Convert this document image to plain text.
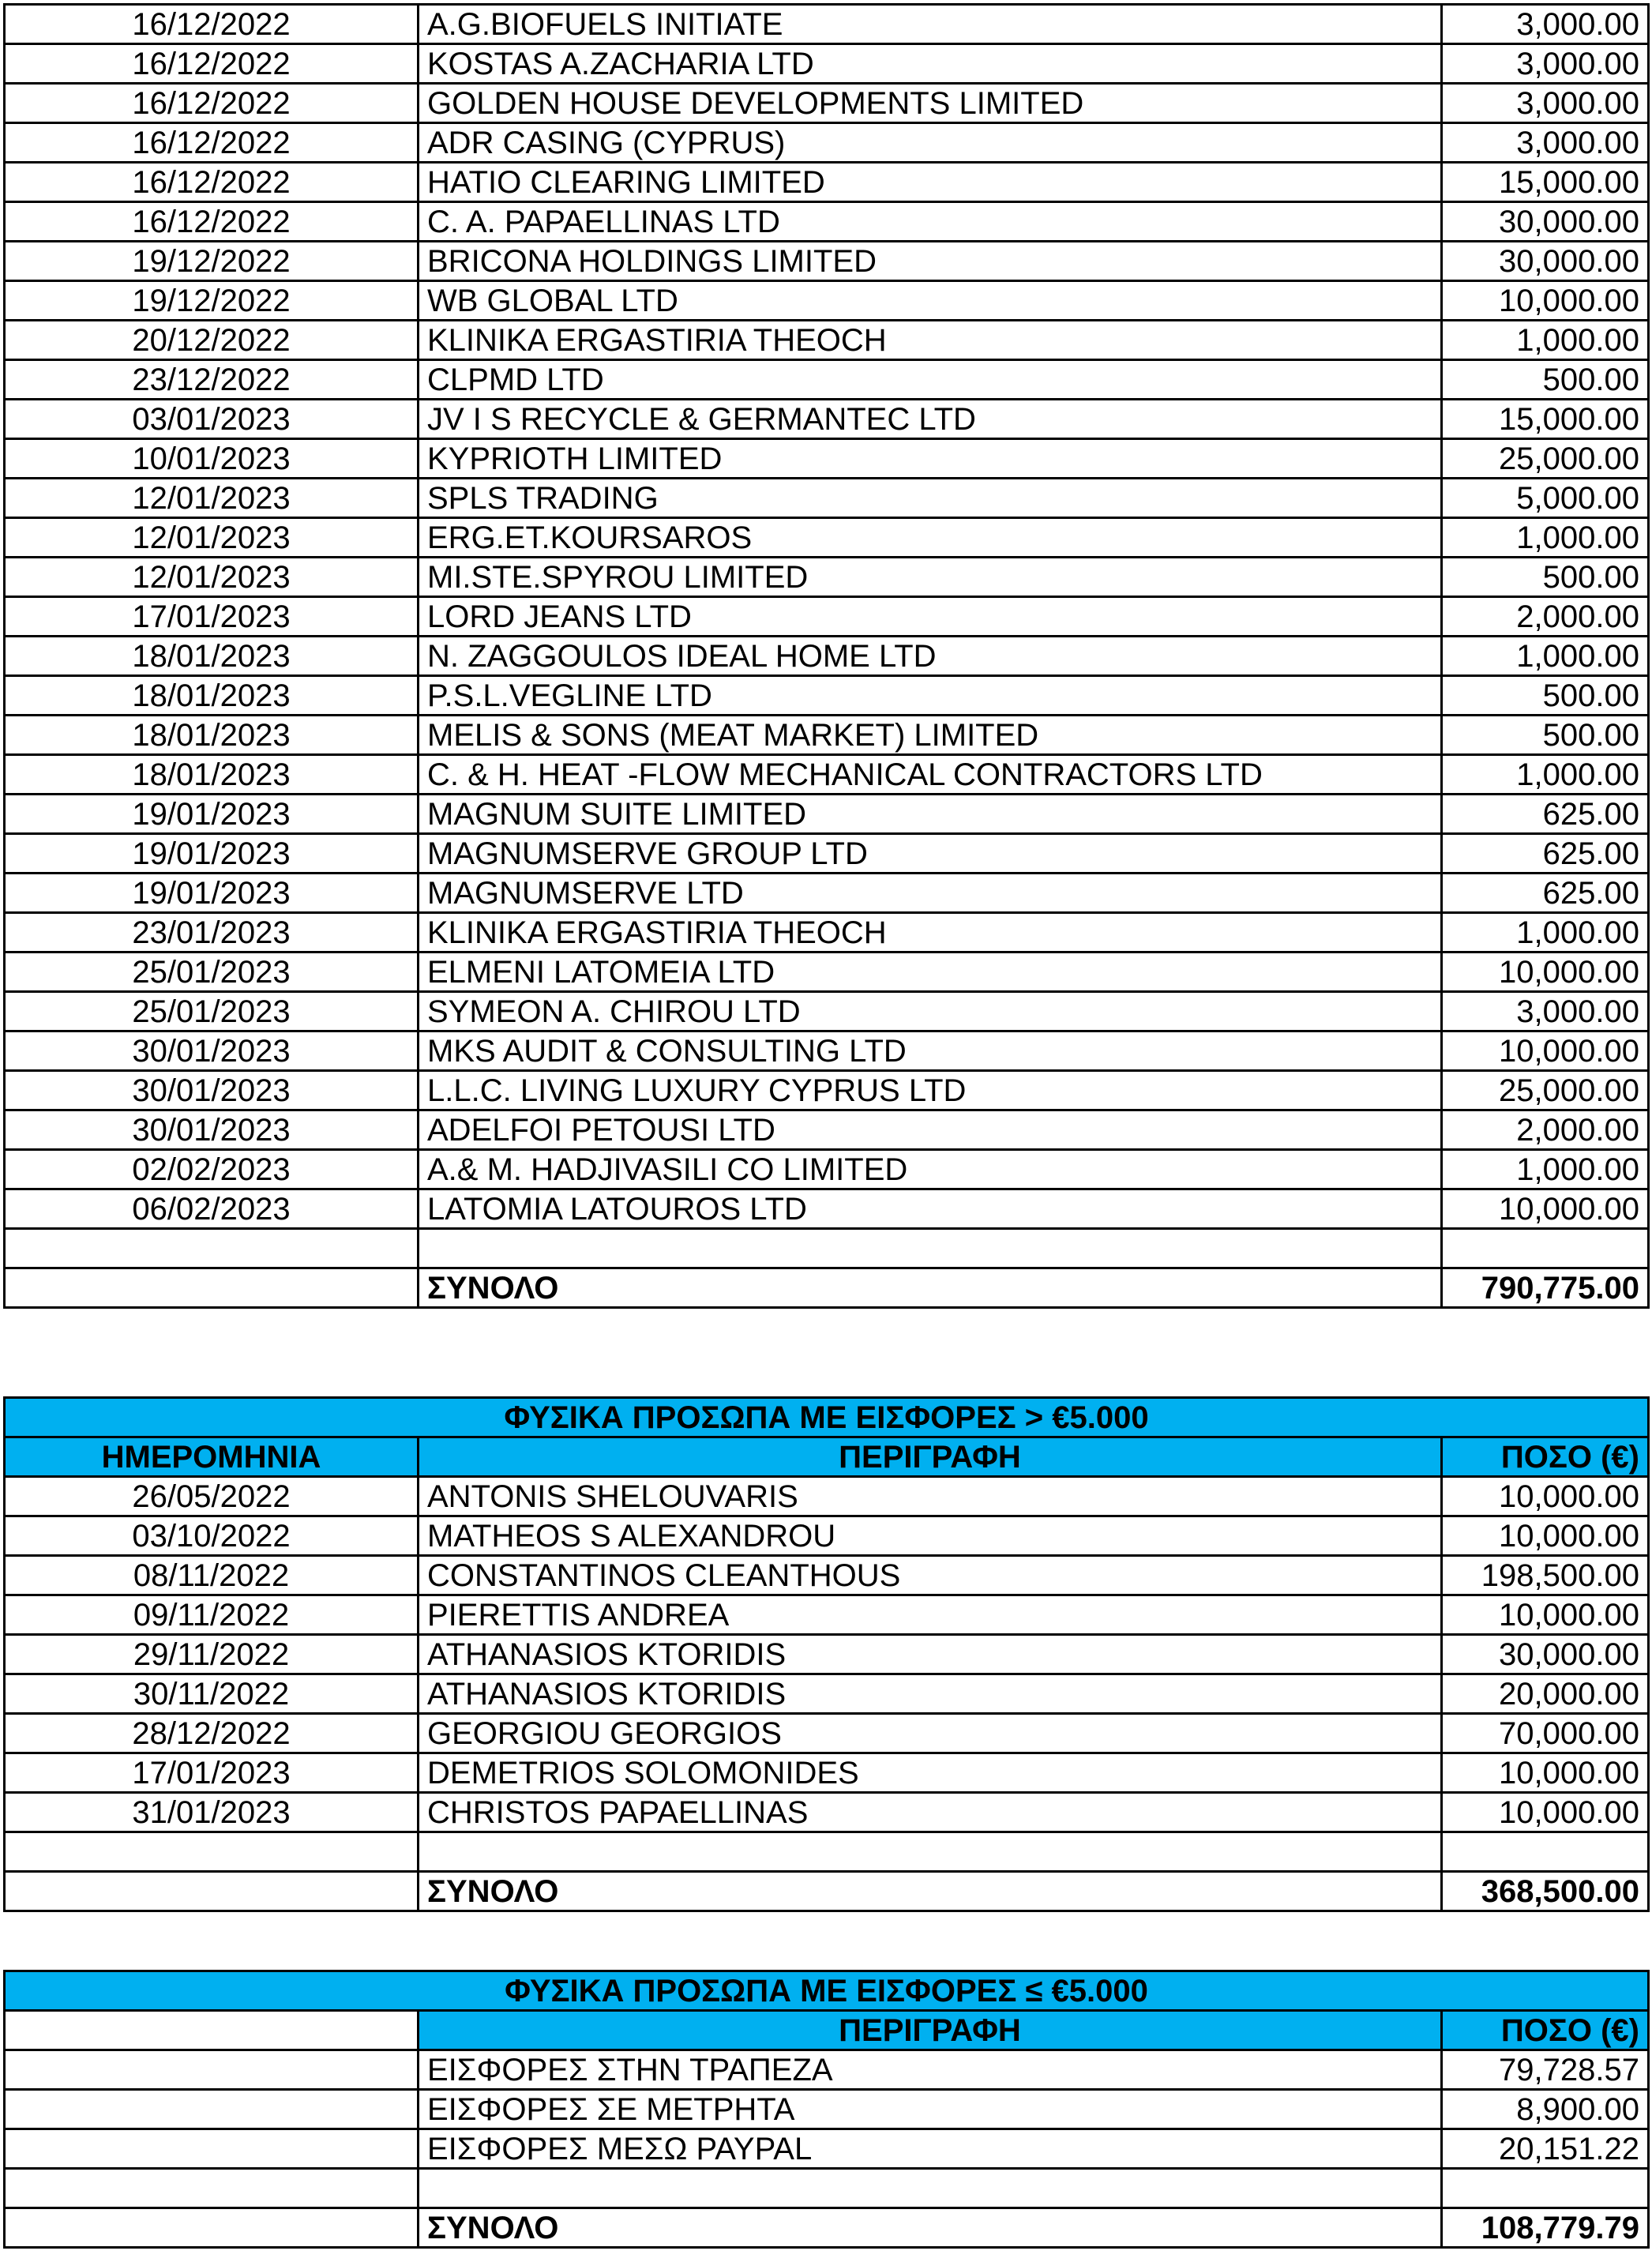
16/12/2022	A.G.BIOFUELS INITIATE	3,000.00
16/12/2022	KOSTAS A.ZACHARIA LTD	3,000.00
16/12/2022	GOLDEN HOUSE DEVELOPMENTS LIMITED	3,000.00
16/12/2022	ADR CASING (CYPRUS)	3,000.00
16/12/2022	HATIO CLEARING LIMITED	15,000.00
16/12/2022	C. A. PAPAELLINAS LTD	30,000.00
19/12/2022	BRICONA HOLDINGS LIMITED	30,000.00
19/12/2022	WB GLOBAL LTD	10,000.00
20/12/2022	KLINIKA ERGASTIRIA THEOCH	1,000.00
23/12/2022	CLPMD LTD	500.00
03/01/2023	JV I S RECYCLE & GERMANTEC LTD	15,000.00
10/01/2023	KYPRIOTH LIMITED	25,000.00
12/01/2023	SPLS TRADING	5,000.00
12/01/2023	ERG.ET.KOURSAROS	1,000.00
12/01/2023	MI.STE.SPYROU LIMITED	500.00
17/01/2023	LORD JEANS LTD	2,000.00
18/01/2023	N. ZAGGOULOS IDEAL HOME LTD	1,000.00
18/01/2023	P.S.L.VEGLINE LTD	500.00
18/01/2023	MELIS & SONS (MEAT MARKET) LIMITED	500.00
18/01/2023	C. & H. HEAT -FLOW MECHANICAL CONTRACTORS LTD	1,000.00
19/01/2023	MAGNUM SUITE LIMITED	625.00
19/01/2023	MAGNUMSERVE GROUP LTD	625.00
19/01/2023	MAGNUMSERVE LTD	625.00
23/01/2023	KLINIKA ERGASTIRIA THEOCH	1,000.00
25/01/2023	ELMENI LATOMEIA LTD	10,000.00
25/01/2023	SYMEON A. CHIROU LTD	3,000.00
30/01/2023	MKS AUDIT & CONSULTING LTD	10,000.00
30/01/2023	L.L.C. LIVING LUXURY CYPRUS LTD	25,000.00
30/01/2023	ADELFOI PETOUSI LTD	2,000.00
02/02/2023	A.& M. HADJIVASILI CO LIMITED	1,000.00
06/02/2023	LATOMIA LATOUROS LTD	10,000.00

	ΣΥΝΟΛΟ	790,775.00
ΦΥΣΙΚΑ ΠΡΟΣΩΠΑ ΜΕ ΕΙΣΦΟΡΕΣ > €5.000		
ΗΜΕΡΟΜΗΝΙΑ	ΠΕΡΙΓΡΑΦΗ	ΠΟΣΟ (€)
26/05/2022	ANTONIS SHELOUVARIS	10,000.00
03/10/2022	MATHEOS S ALEXANDROU	10,000.00
08/11/2022	CONSTANTINOS CLEANTHOUS	198,500.00
09/11/2022	PIERETTIS ANDREA	10,000.00
29/11/2022	ATHANASIOS KTORIDIS	30,000.00
30/11/2022	ATHANASIOS KTORIDIS	20,000.00
28/12/2022	GEORGIOU GEORGIOS	70,000.00
17/01/2023	DEMETRIOS SOLOMONIDES	10,000.00
31/01/2023	CHRISTOS PAPAELLINAS	10,000.00

	ΣΥΝΟΛΟ	368,500.00
ΦΥΣΙΚΑ ΠΡΟΣΩΠΑ ΜΕ ΕΙΣΦΟΡΕΣ ≤ €5.000		
	ΠΕΡΙΓΡΑΦΗ	ΠΟΣΟ (€)
	ΕΙΣΦΟΡΕΣ ΣΤΗΝ ΤΡΑΠΕΖΑ	79,728.57
	ΕΙΣΦΟΡΕΣ ΣΕ ΜΕΤΡΗΤΑ	8,900.00
	ΕΙΣΦΟΡΕΣ ΜΕΣΩ PAYPAL	20,151.22

	ΣΥΝΟΛΟ	108,779.79
